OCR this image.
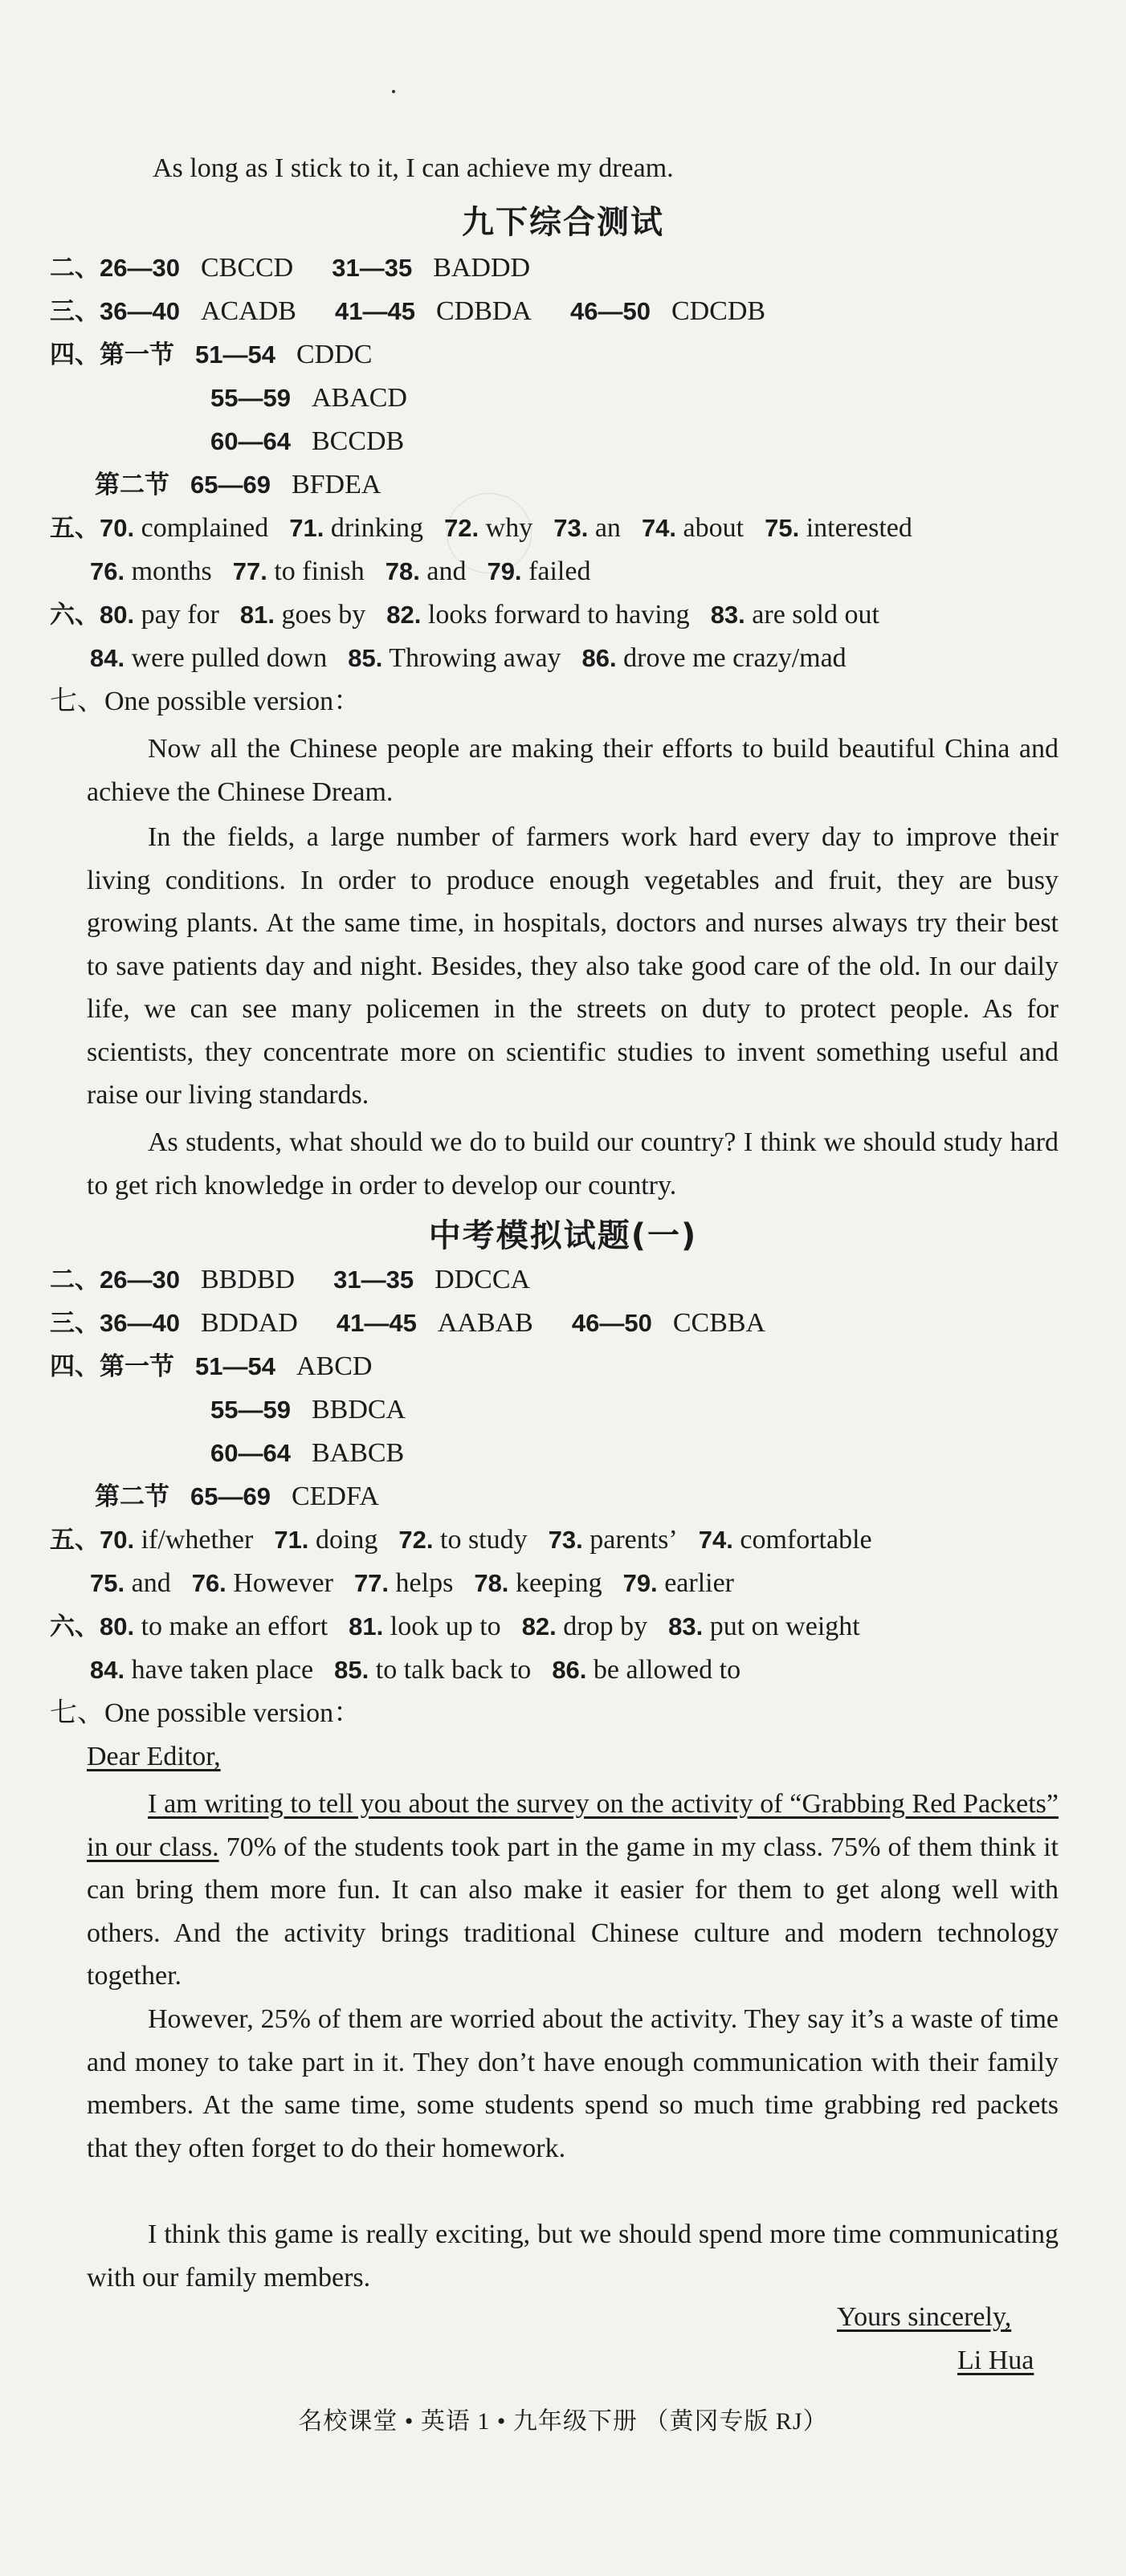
As long as I stick to it, I can achieve my dream.
九下综合测试
二、26—30 CBCCD 31—35 BADDD
三、36—40 ACADB 41—45 CDBDA 46—50 CDCDB
四、第一节 51—54 CDDC
55—59 ABACD
60—64 BCCDB
第二节 65—69 BFDEA
五、70. complained 71. drinking 72. why 73. an 74. about 75. interested
76. months 77. to finish 78. and 79. failed
六、80. pay for 81. goes by 82. looks forward to having 83. are sold out
84. were pulled down 85. Throwing away 86. drove me crazy/mad
七、One possible version：
Now all the Chinese people are making their efforts to build beautiful China and achieve the Chinese Dream.
In the fields, a large number of farmers work hard every day to improve their living conditions. In order to produce enough vegetables and fruit, they are busy growing plants. At the same time, in hospitals, doctors and nurses always try their best to save patients day and night. Besides, they also take good care of the old. In our daily life, we can see many policemen in the streets on duty to protect people. As for scientists, they concentrate more on scientific studies to invent something useful and raise our living standards.
As students, what should we do to build our country? I think we should study hard to get rich knowledge in order to develop our country.
中考模拟试题(一)
二、26—30 BBDBD 31—35 DDCCA
三、36—40 BDDAD 41—45 AABAB 46—50 CCBBA
四、第一节 51—54 ABCD
55—59 BBDCA
60—64 BABCB
第二节 65—69 CEDFA
五、70. if/whether 71. doing 72. to study 73. parents’ 74. comfortable
75. and 76. However 77. helps 78. keeping 79. earlier
六、80. to make an effort 81. look up to 82. drop by 83. put on weight
84. have taken place 85. to talk back to 86. be allowed to
七、One possible version：
Dear Editor,
I am writing to tell you about the survey on the activity of “Grabbing Red Packets” in our class. 70% of the students took part in the game in my class. 75% of them think it can bring them more fun. It can also make it easier for them to get along well with others. And the activity brings traditional Chinese culture and modern technology together.
However, 25% of them are worried about the activity. They say it’s a waste of time and money to take part in it. They don’t have enough communication with their family members. At the same time, some students spend so much time grabbing red packets that they often forget to do their homework.
I think this game is really exciting, but we should spend more time communicating with our family members.
Yours sincerely,
Li Hua
名校课堂 • 英语 1 • 九年级下册 （黄冈专版 RJ）
